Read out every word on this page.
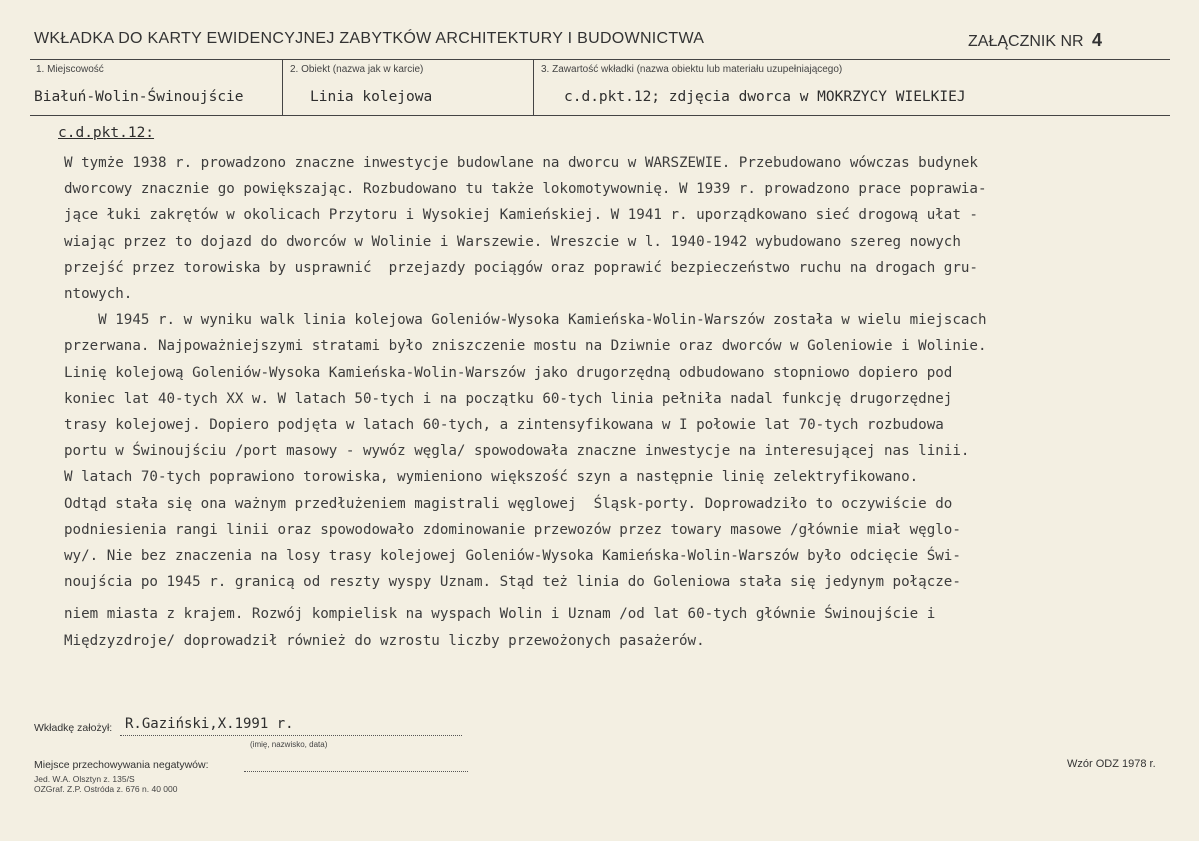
WKŁADKA DO KARTY EWIDENCYJNEJ ZABYTKÓW ARCHITEKTURY I BUDOWNICTWA	ZAŁĄCZNIK NR 4
1. Miejscowość
Białuń-Wolin-Świnoujście
2. Obiekt (nazwa jak w karcie)
Linia kolejowa
3. Zawartość wkładki (nazwa obiektu lub materiału uzupełniającego)
c.d.pkt.12; zdjęcia dworca w MOKRZYCY WIELKIEJ
c.d.pkt.12:
W tymże 1938 r. prowadzono znaczne inwestycje budowlane na dworcu w WARSZEWIE. Przebudowano wówczas budynek
dworcowy znacznie go powiększając. Rozbudowano tu także lokomotywownię. W 1939 r. prowadzono prace poprawia-
jące łuki zakrętów w okolicach Przytoru i Wysokiej Kamieńskiej. W 1941 r. uporządkowano sieć drogową ułat -
wiając przez to dojazd do dworców w Wolinie i Warszewie. Wreszcie w l. 1940-1942 wybudowano szereg nowych
przejść przez torowiska by usprawnić  przejazdy pociągów oraz poprawić bezpieczeństwo ruchu na drogach gru-
ntowych.
W 1945 r. w wyniku walk linia kolejowa Goleniów-Wysoka Kamieńska-Wolin-Warszów została w wielu miejscach
przerwana. Najpoważniejszymi stratami było zniszczenie mostu na Dziwnie oraz dworców w Goleniowie i Wolinie.
Linię kolejową Goleniów-Wysoka Kamieńska-Wolin-Warszów jako drugorzędną odbudowano stopniowo dopiero pod
koniec lat 40-tych XX w. W latach 50-tych i na początku 60-tych linia pełniła nadal funkcję drugorzędnej
trasy kolejowej. Dopiero podjęta w latach 60-tych, a zintensyfikowana w I połowie lat 70-tych rozbudowa
portu w Świnoujściu /port masowy - wywóz węgla/ spowodowała znaczne inwestycje na interesującej nas linii.
W latach 70-tych poprawiono torowiska, wymieniono większość szyn a następnie linię zelektryfikowano.
Odtąd stała się ona ważnym przedłużeniem magistrali węglowej  Śląsk-porty. Doprowadziło to oczywiście do
podniesienia rangi linii oraz spowodowało zdominowanie przewozów przez towary masowe /głównie miał węglo-
wy/. Nie bez znaczenia na losy trasy kolejowej Goleniów-Wysoka Kamieńska-Wolin-Warszów było odcięcie Świ-
noujścia po 1945 r. granicą od reszty wyspy Uznam. Stąd też linia do Goleniowa stała się jedynym połącze-
niem miasta z krajem. Rozwój kompielisk na wyspach Wolin i Uznam /od lat 60-tych głównie Świnoujście i
Międzyzdroje/ doprowadził również do wzrostu liczby przewożonych pasażerów.
Wkładkę założył: R.Gaziński,X.1991 r.
(imię, nazwisko, data)
Miejsce przechowywania negatywów:
Jed. W.A. Olsztyn z. 135/S
OZGraf. Z.P. Ostróda z. 676 n. 40 000
Wzór ODZ 1978 r.
